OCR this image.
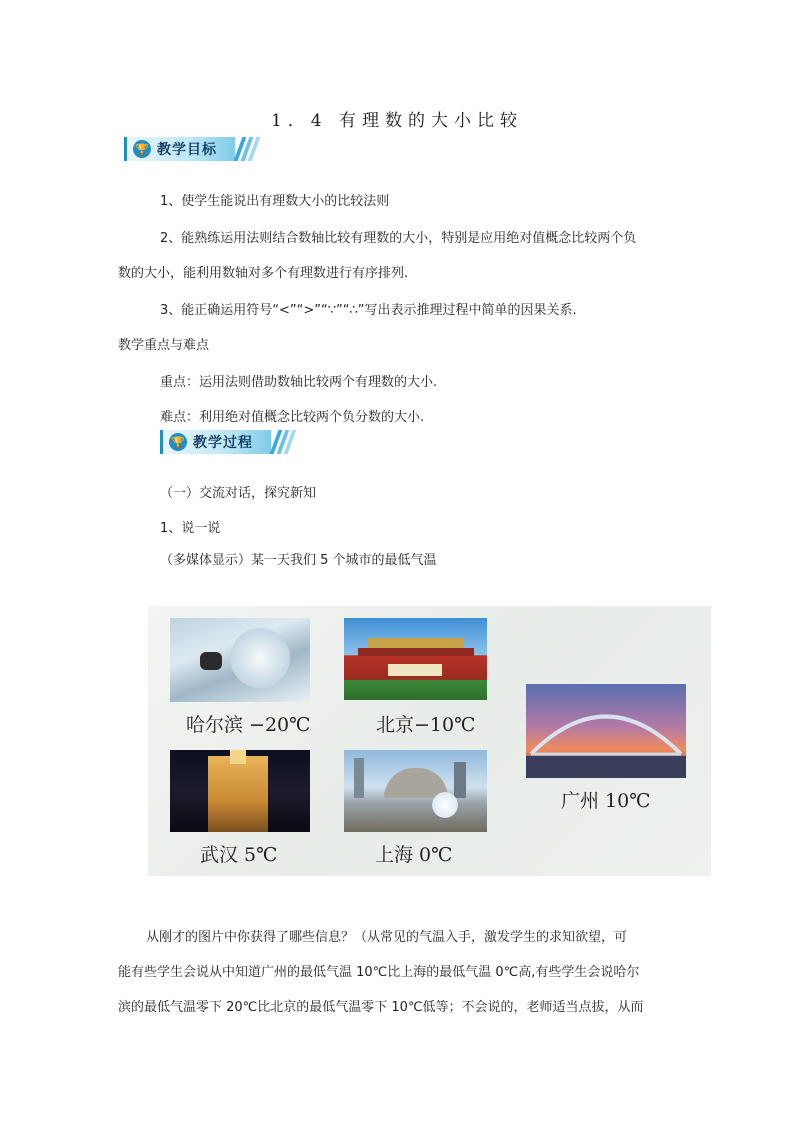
1．4 有理数的大小比较
🏆 教学目标
1、使学生能说出有理数大小的比较法则
2、能熟练运用法则结合数轴比较有理数的大小，特别是应用绝对值概念比较两个负
数的大小，能利用数轴对多个有理数进行有序排列.
3、能正确运用符号“<”“>”“∵”“∴”写出表示推理过程中简单的因果关系.
教学重点与难点
重点：运用法则借助数轴比较两个有理数的大小.
难点：利用绝对值概念比较两个负分数的大小.
🏆 教学过程
（一）交流对话，探究新知
1、说一说
（多媒体显示）某一天我们 5 个城市的最低气温
哈尔滨 −20℃	北京−10℃
广州 10℃
武汉 5℃	上海 0℃
从刚才的图片中你获得了哪些信息？（从常见的气温入手，激发学生的求知欲望，可
能有些学生会说从中知道广州的最低气温 10℃比上海的最低气温 0℃高,有些学生会说哈尔
滨的最低气温零下 20℃比北京的最低气温零下 10℃低等；不会说的，老师适当点拔，从而
